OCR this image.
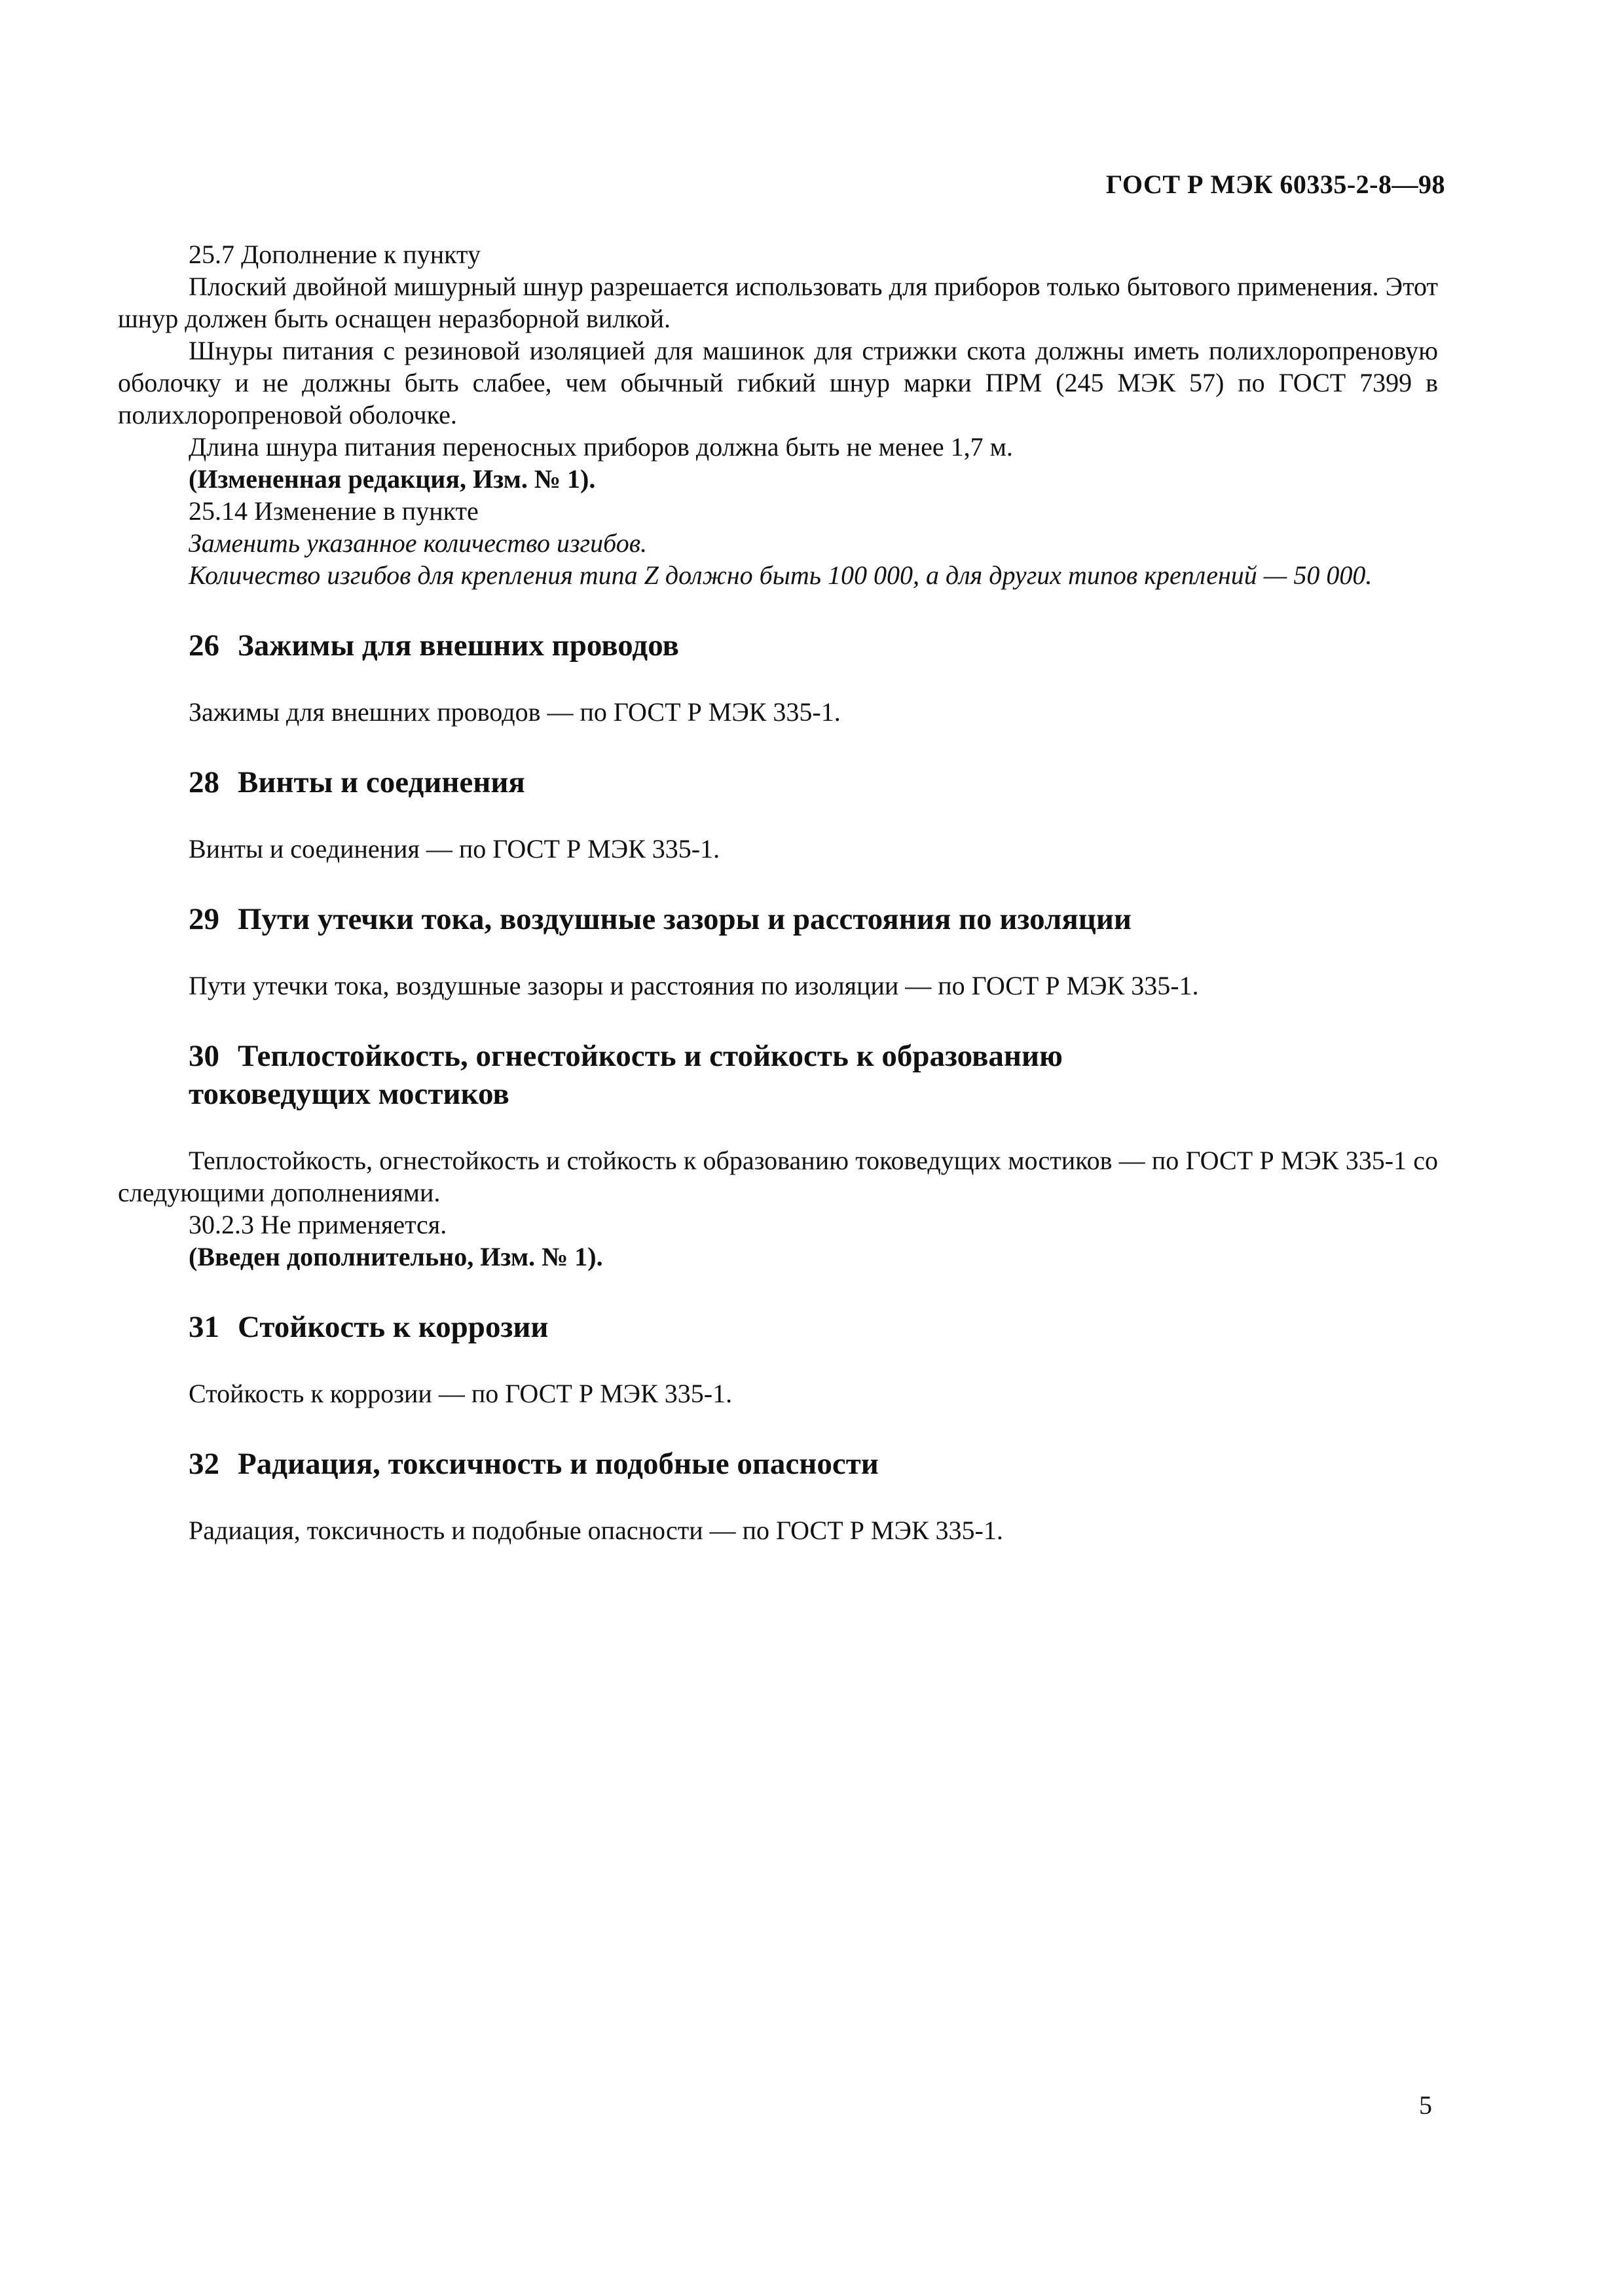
ГОСТ Р МЭК 60335-2-8—98

25.7 Дополнение к пункту

Плоский двойной мишурный шнур разрешается использовать для приборов только бытового применения. Этот шнур должен быть оснащен неразборной вилкой.

Шнуры питания с резиновой изоляцией для машинок для стрижки скота должны иметь полихлоропреновую оболочку и не должны быть слабее, чем обычный гибкий шнур марки ПРМ (245 МЭК 57) по ГОСТ 7399 в полихлоропреновой оболочке.

Длина шнура питания переносных приборов должна быть не менее 1,7 м.

(Измененная редакция, Изм. № 1).

25.14 Изменение в пункте

Заменить указанное количество изгибов.

Количество изгибов для крепления типа Z должно быть 100 000, а для других типов креплений — 50 000.

26 Зажимы для внешних проводов

Зажимы для внешних проводов — по ГОСТ Р МЭК 335-1.

28 Винты и соединения

Винты и соединения — по ГОСТ Р МЭК 335-1.

29 Пути утечки тока, воздушные зазоры и расстояния по изоляции

Пути утечки тока, воздушные зазоры и расстояния по изоляции — по ГОСТ Р МЭК 335-1.

30 Теплостойкость, огнестойкость и стойкость к образованию
токоведущих мостиков

Теплостойкость, огнестойкость и стойкость к образованию токоведущих мостиков — по ГОСТ Р МЭК 335-1 со следующими дополнениями.

30.2.3 Не применяется.

(Введен дополнительно, Изм. № 1).

31 Стойкость к коррозии

Стойкость к коррозии — по ГОСТ Р МЭК 335-1.

32 Радиация, токсичность и подобные опасности

Радиация, токсичность и подобные опасности — по ГОСТ Р МЭК 335-1.

5
